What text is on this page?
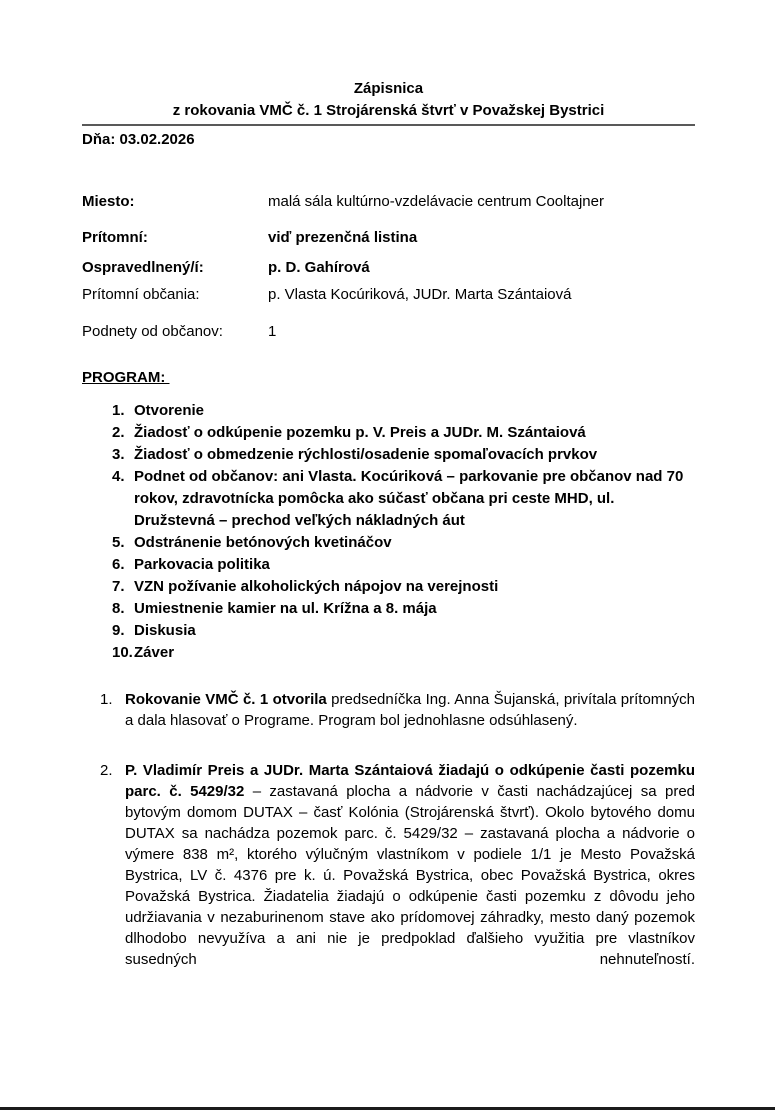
Zápisnica
z rokovania VMČ č. 1 Strojárenská štvrť v Považskej Bystrici
Dňa: 03.02.2026
Miesto:	malá sála kultúrno-vzdelávacie centrum Cooltajner
Prítomní:	viď prezenčná listina
Ospravedlnený/í:	p. D. Gahírová
Prítomní občania:	p. Vlasta Kocúriková, JUDr. Marta Szántaiová
Podnety od občanov:	1
PROGRAM:
1. Otvorenie
2. Žiadosť o odkúpenie pozemku p. V. Preis a JUDr. M. Szántaiová
3. Žiadosť o obmedzenie rýchlosti/osadenie spomaľovacích prvkov
4. Podnet od občanov: ani Vlasta. Kocúriková – parkovanie pre občanov nad 70 rokov, zdravotnícka pomôcka ako súčasť občana pri ceste MHD, ul. Družstevná – prechod veľkých nákladných áut
5. Odstránenie betónových kvetináčov
6. Parkovacia politika
7. VZN požívanie alkoholických nápojov na verejnosti
8. Umiestnenie kamier na ul. Krížna a 8. mája
9. Diskusia
10. Záver
1. Rokovanie VMČ č. 1 otvorila predsedníčka Ing. Anna Šujanská, privítala prítomných a dala hlasovať o Programe. Program bol jednohlasne odsúhlasený.
2. P. Vladimír Preis a JUDr. Marta Szántaiová žiadajú o odkúpenie časti pozemku parc. č. 5429/32 – zastavaná plocha a nádvorie v časti nachádzajúcej sa pred bytovým domom DUTAX – časť Kolónia (Strojárenská štvrť). Okolo bytového domu DUTAX sa nachádza pozemok parc. č. 5429/32 – zastavaná plocha a nádvorie o výmere 838 m², ktorého výlučným vlastníkom v podiele 1/1 je Mesto Považská Bystrica, LV č. 4376 pre k. ú. Považská Bystrica, obec Považská Bystrica, okres Považská Bystrica. Žiadatelia žiadajú o odkúpenie časti pozemku z dôvodu jeho udržiavania v nezaburinenom stave ako prídomovej záhradky, mesto daný pozemok dlhodobo nevyužíva a ani nie je predpoklad ďalšieho využitia pre vlastníkov susedných nehnuteľností.
